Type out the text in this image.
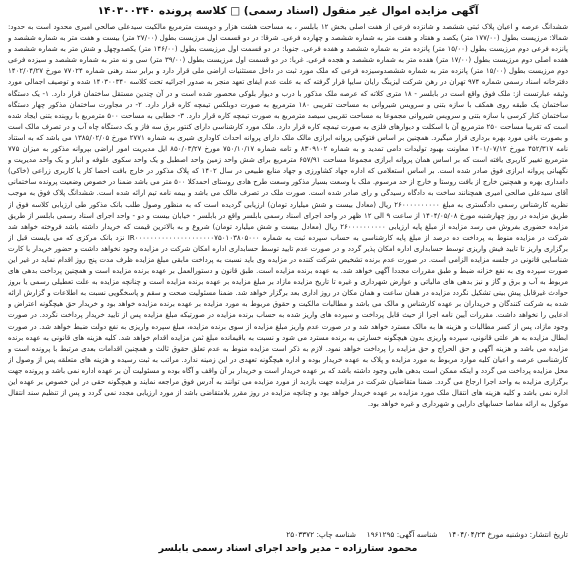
آگهی مزایده اموال غیر منقول (اسناد رسمی) □ کلاسه پرونده ۱۴۰۳۰۰۳۴۰

ششدانگ عرصه و اعیان پلاک ثبتی ششصد و شانزده فرعی از هفت اصلی بخش ۱۲ بابلسر ، به مساحت هشت هزار و دویست مترمربع مالکیت سیدعلی صالحی امیری محدود است به حدود: شمالا: مرزیست بطول (۱۷۷/۰۰ متر) یکصد و هفتاد و هفت متر به شماره ششصد و چهارده فرعی. شرقا: در دو قسمت اول مرزیست بطول (۲۷/۰۰ متر) بیست و هفت متر به شماره ششصد و پانزده فرعی دوم مرزیست بطول (۱۵/۰۰ متر) پانزده متر به شماره ششصد و هفده فرعی. جنوبا: در دو قسمت اول مرزیست بطول (۱۴۶/۰۰ متر) یکصدوچهل و شش متر به شماره ششصد و هفده اصلی دوم مرزیست بطول (۱۷/۰۰ متر) هفده متر به شماره ششصد و هجده فرعی. غربا: در دو قسمت اول مرزیست بطول (۳۹/۰۰ متر) سی و نه متر به شماره ششصد و سیزده فرعی دوم مرزیست بطول (۱۵/۰۰ متر) پانزده متر به شماره ششصدوسیزده فرعی که ملک مورد ثبت در داخل مستثنیات اراضی ملی قرار دارد و برابر سند رهنی شماره ۷۷۰۲۴ مورخ ۱۴۰۲/۰۴/۲۷ دفترخانه اسناد رسمی شماره ۹۷۴ تهران در رهن شرکت لیزینگ رایان سایپا قرار گرفته که به علت عدم ایفای تعهد منجر به صدور اجرائیه تحت کلاسه ۱۴۰۳۰۰۳۴۰ شده و توصیف اجمالی مورد وثیقه عبارتست از: ملک فوق واقع است در بابلسر - ۱۸ متری کلاته که عرصه ملک مذکور با درب و دیوار بلوکی محصور شده است و در آن چندین مستقل ساختمان قرار دارد. ۱- یک دستگاه ساختمان یک طبقه روی همکف با سازه بتنی و سرویس شیروانی به مساحت تقریبی ۱۸۰ مترمربع به صورت دوبلکس تیمچه کاره قرار دارد. ۲- در مجاورت ساختمان مذکور چهار دستگاه ساختمان کنار کرسی با سازه بتنی و سرویس شیروانی مجموعا به مساحت تقریبی سیصد مترمربع به صورت تیمچه کاره قرار دارد. ۳- خطابی به مساحت ۵۰۰ مترمربع با روبنده بتنی ایجاد شده است که تقریبا مساحت ۲۵۰ مترمربع آن با اسکلت و دیوارهای فلزی به صورت تیمچه کاره قرار دارد. ملک مورد کارشناسی دارای کنتور برق سه فاز و یک دستگاه چاه آب و در تصرف مالک است و بصورت باغی مورد بهره برداری قرار میگیرد. همچنین بر اساس فتوکپی پروانه ابرازی مالک ملک دارای پروانه احداث کاوداری شیری به شماره ۲۷۷۱ مورخ ۱۳۸۵/۰۲/۰۵ می باشد که به استناد نامه ۴۵۲/۳۱۷ مورخ ۱۴۰۱/۰۷/۱۲ معاونت بهبود تولیدات دامی تمدید و به شماره ۸۳۰۹۱۰۲ و تامه شماره ۷۵۰/۱۰/۱۷ مورخ ۸۵۰/۰۳/۲۷ ایل مدیریت امور اراضی بپروانه مذکور به میزان ۷۷۵ مترمربع تغییر کاربری یافته است که بر اساس همان پروانه ابرازی مجموعا مساحت ۶۵۷/۹۱ مترمربع برای شش واحد زمین واحد اصطبل و یک واحد سکوی علوفه و انبار و یک واحد مدیریت و نگهبانی پروانه ابرازی فوق صادر شده است. بر اساس استعلامی که اداره جهاد کشاورزی و جهاد منابع طبیعی در سال ۱۴۰۲ که پلاک مذکور در خارج بافت احصا کار یا کاربری زراعی (خاکی) دامداری بهره و همچنین خارج از بافت روستا و خارج از حد مرسوم. ملک با وسعت بسیار مذکور وسعت طرح هادی روستای احمدکلا ۵۰۰ متر می باشد ضمنا در خصوص وضعیت پرونده ساختمانی آقای سیدعلی صالحی امیری همچنانند ساخت به دادگاه رسیدگی و رای صادر شده است. صورت ملک در تصرف مالک می باشد و بیمه نامه تیم ارائه شده است. ششدانگ پلاک فوق به موجب نظریه کارشناس رسمی دادگستری به مبلغ ۲۶۰۰۰۰۰۰۰۰۰۰ ریال (معادل بیست و شش میلیارد تومان) ارزیابی گردیده است که به منظور وصول طلب بانک مذکور طی ارزیابی کلاسه فوق از طریق مزایده در روز چهارشنبه مورخ ۱۴۰۴/۰۵/۰۸ از ساعت ۹ الی ۱۲ ظهر در واحد اجرای اسناد رسمی بابلسر واقع در بابلسر - خیابان بیست و دو - واحد اجرای اسناد رسمی بابلسر از طریق مزایده حضوری بفروش می رسد مزایده از مبلغ پایه ارزیابی ۲۶۰۰۰۰۰۰۰۰۰۰ ریال (معادل بیست و شش میلیارد تومان) شروع و به بالاترین قیمت که خریدار داشته باشد فروخته خواهد شد شرکت در مزایده منوط به پرداخت ده درصد از مبلغ پایه کارشناسی به حساب سپرده ثبت به شماره IR۰۰۰۰۰۰۰۰۰۰۰۰۰۰۰۰۰۰۰۰۰۷۵۰۱۰۳۸۰۵۰۰۰ نزد بانک مرکزی که می بایست قبل از برگزاری واریز تا تایید فیش واریزی توسط حسابداری اداره امکان پذیر گردد و در صورت عدم تایید توسط حسابداری اداره امکان شرکت در مزایده وجود نخواهد داشت و حضور خریدار با کارت شناسایی قانونی در جلسه مزایده الزامی است. در صورت عدم برنده تشخیص شرکت کننده در مزایده وی باید نسبت به پرداخت مابقی مبلغ مزایده ظرف مدت پنج روز اقدام نماید در غیر این صورت سپرده وی به نفع خزانه ضبط و طبق مقررات مجددا آگهی خواهد شد. به عهده برنده مزایده است. طبق قانون و دستورالعمل بر عهده برنده مزایده است و همچنین پرداخت بدهی های مربوط به آب و برق و گاز و نیز بدهی های مالیاتی و عوارض شهرداری و غیره تا تاریخ مزایده مازاد بر مبلغ مزایده بر عهده برنده مزایده است و چنانچه مزایده به علت تعطیلی رسمی یا بروز حوادث غیرقابل پیش بینی تشکیل نگردد مزایده در همان ساعت و همان مکان در روز اداری بعد برگزار خواهد شد. ضمنا مسئولیت صحت و سقم و پاسخگویی نسبت به اطلاعات و گزارش ارائه شده به شرکت کنندگان و خریداران بر عهده کارشناس و مالک می باشد و مطالبات مالکیت و حقوق مربوط به مورد مزایده بر عهده برنده مزایده خواهد بود و خریدار حق هیچگونه اعتراض و ادعایی را نخواهد داشت. مقررات آیین نامه اجرا از حیث قابل پرداخت و سپرده های واریز شده به حساب برنده مزایده در صورتیکه مبلغ مزایده پس از تایید خریدار پرداخت نگردد. در صورت وجود مازاد، پس از کسر مطالبات و هزینه ها به مالک مسترد خواهد شد و در صورت عدم واریز مبلغ مزایده از سوی برنده مزایده، مبلغ سپرده واریزی به نفع دولت ضبط خواهد شد. در صورت ابطال مزایده به هر علتی قانونی، سپرده واریزی بدون هیچگونه خسارتی به برنده مسترد می شود و نسبت به باقیمانده مبلغ ثمن مزایده اقدام خواهد شد. کلیه هزینه های قانونی به عهده برنده مزایده می باشد و هزینه آگهی و حق الحراج و حق مزایده را پرداخت خواهد نمود. لازم به ذکر است مزایده منوط به عدم تعلق حقوق ثالث و همچنین اقدامات بعدی مرتبط با پرونده است و کارشناسی عرصه و اعیان کلیه موارد مربوط به مورد مزایده و پلاک به عهده خریدار بوده و اداره هیچگونه تعهدی در این زمینه ندارد. مراتب به ثبت رسیده و هزینه های متعلقه پس از وصول از محل مزایده پرداخت می گردد و اینکه ممکن است بدهی هایی وجود داشته باشد که بر عهده خریدار است و خریدار بر آن واقف و آگاه بوده و مسئولیت آن بر عهده اداره نمی باشد و پرونده جهت برگزاری مزایده به واحد اجرا ارجاع می گردد. ضمنا متقاضیان شرکت در مزایده جهت بازدید از مورد مزایده می توانند به آدرس فوق مراجعه نمایند و هیچگونه حقی در این خصوص بر عهده این اداره نمی باشد و کلیه هزینه های انتقال ملک مورد مزایده بر عهده خریدار خواهد بود و چنانچه مزایده در روز مقرر بلامتقاضی باشد از مورد ارزیابی مجدد نمی گردد و پس از تنظیم سند انتقال موکول به ارائه مفاصا حسابهای دارایی و شهرداری و غیره خواهد بود.

تاریخ انتشار: دوشنبه مورخ ۱۴۰۴/۰۴/۲۳  شناسه آگهی: ۱۹۶۱۲۹۵  شناسه چاپ: ۲۵۰۳۳۷۲
محمود ستارزاده – مدیر واحد اجرای اسناد رسمی بابلسر
